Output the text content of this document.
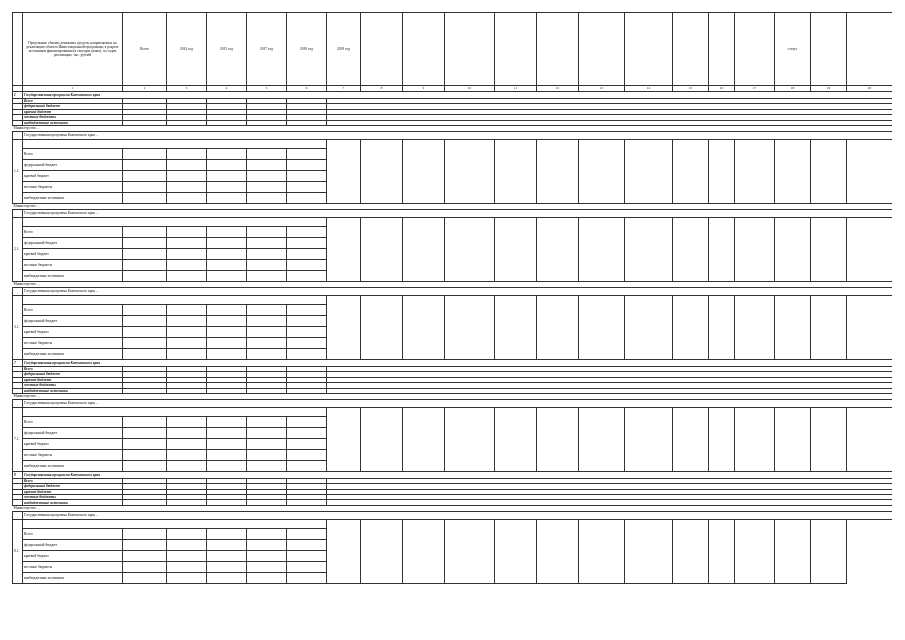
	Предельные объемы денежных средств, направляемых на реализацию объекта Инвестиционной программы, в разрезе источников финансирования (в текущих ценах), по годам реализации, тыс. рублей	Всего	2014 год	2015 год	2017 год	2018 год	2019 год											статус		
	1	2	3	4	5	6	7	8	9	10	11	12	13	14	15	16	17	18	19	20
1	Государственная программа Камчатского края																			
	Всего																			
	федеральный бюджет																			
	краевой бюджет																			
	местные бюджеты																			
	внебюджетные источники																			
Министерство ...																				
	Государственная программа Камчатского края ...																			
1.1.																				
	Всего																			
	федеральный бюджет																			
	краевой бюджет																			
	местные бюджеты																			
	внебюджетные источники																			
Министерство ...																				
	Государственная программа Камчатского края ...																			
2.1.																				
	Всего																			
	федеральный бюджет																			
	краевой бюджет																			
	местные бюджеты																			
	внебюджетные источники																			
Министерство ...																				
	Государственная программа Камчатского края ...																			
3.1.																				
	Всего																			
	федеральный бюджет																			
	краевой бюджет																			
	местные бюджеты																			
	внебюджетные источники																			
7	Государственная программа Камчатского края																			
	Всего																			
	федеральный бюджет																			
	краевой бюджет																			
	местные бюджеты																			
	внебюджетные источники																			
Министерство ...																				
	Государственная программа Камчатского края ...																			
7.1.																				
	Всего																			
	федеральный бюджет																			
	краевой бюджет																			
	местные бюджеты																			
	внебюджетные источники																			
8	Государственная программа Камчатского края																			
	Всего																			
	федеральный бюджет																			
	краевой бюджет																			
	местные бюджеты																			
	внебюджетные источники																			
Министерство ...																				
	Государственная программа Камчатского края ...																			
8.1.																				
	Всего																			
	федеральный бюджет																			
	краевой бюджет																			
	местные бюджеты																			
	внебюджетные источники																			
